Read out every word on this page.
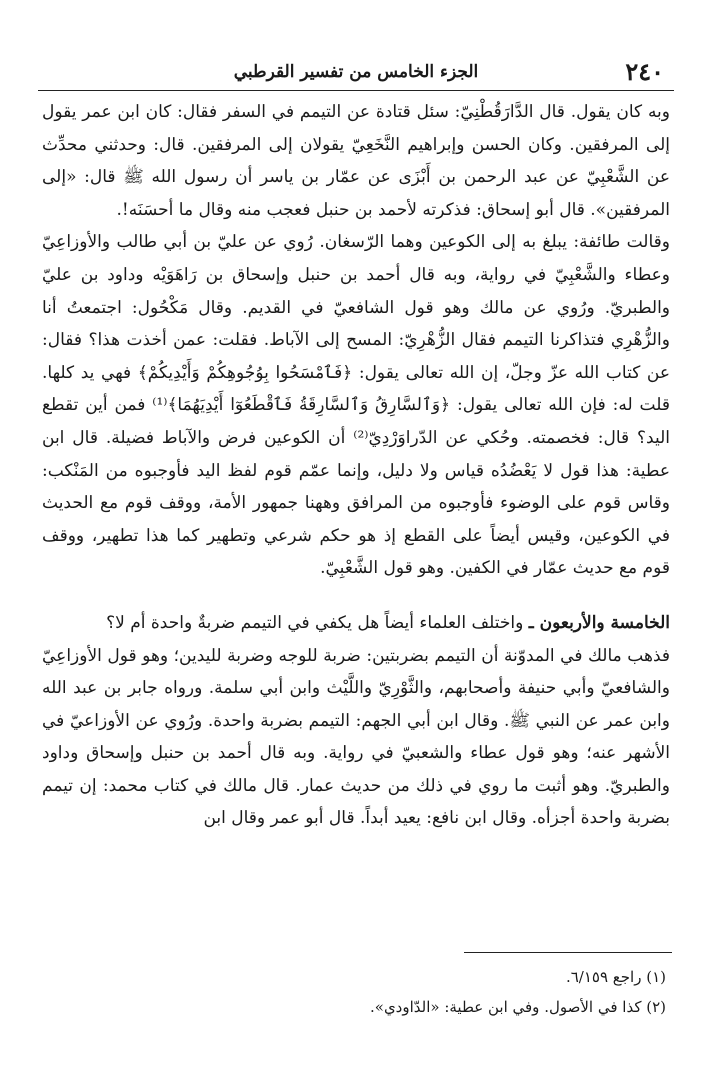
٢٤٠
الجزء الخامس من تفسير القرطبي

وبه كان يقول. قال الدَّارَقُطْنِيّ: سئل قتادة عن التيمم في السفر فقال: كان ابن عمر يقول إلى المرفقين. وكان الحسن وإبراهيم النَّخَعِيّ يقولان إلى المرفقين. قال: وحدثني محدِّث عن الشَّعْبِيّ عن عبد الرحمن بن أَبْزَى عن عمّار بن ياسر أن رسول الله ﷺ قال: «إلى المرفقين». قال أبو إسحاق: فذكرته لأحمد بن حنبل فعجب منه وقال ما أحسَنَه!.

وقالت طائفة: يبلغ به إلى الكوعين وهما الرّسغان. رُوي عن عليّ بن أبي طالب والأوزاعِيّ وعطاء والشَّعْبِيّ في رواية، وبه قال أحمد بن حنبل وإسحاق بن رَاهَوَيْه وداود بن عليّ والطبريّ. ورُوي عن مالك وهو قول الشافعيّ في القديم. وقال مَكْحُول: اجتمعتُ أنا والزُّهْرِي فتذاكرنا التيمم فقال الزُّهْرِيّ: المسح إلى الآباط. فقلت: عمن أخذت هذا؟ فقال: عن كتاب الله عزّ وجلّ، إن الله تعالى يقول: ﴿فَٱمْسَحُوا بِوُجُوهِكُمْ وَأَيْدِيكُمْ﴾ فهي يد كلها. قلت له: فإن الله تعالى يقول: ﴿وَٱلسَّارِقُ وَٱلسَّارِقَةُ فَٱقْطَعُوٓا أَيْدِيَهُمَا﴾⁽¹⁾ فمن أين تقطع اليد؟ قال: فخصمته. وحُكي عن الدّراوَرْدِيّ⁽²⁾ أن الكوعين فرض والآباط فضيلة. قال ابن عطية: هذا قول لا يَعْضُدُه قياس ولا دليل، وإنما عمّم قوم لفظ اليد فأوجبوه من المَنْكب: وقاس قوم على الوضوء فأوجبوه من المرافق وههنا جمهور الأمة، ووقف قوم مع الحديث في الكوعين، وقيس أيضاً على القطع إذ هو حكم شرعي وتطهير كما هذا تطهير، ووقف قوم مع حديث عمّار في الكفين. وهو قول الشَّعْبِيّ.

الخامسة والأربعون ـ واختلف العلماء أيضاً هل يكفي في التيمم ضربةٌ واحدة أم لا؟

فذهب مالك في المدوّنة أن التيمم بضربتين: ضربة للوجه وضربة لليدين؛ وهو قول الأوزاعِيّ والشافعيّ وأبي حنيفة وأصحابهم، والثَّوْرِيّ واللَّيْث وابن أبي سلمة. ورواه جابر بن عبد الله وابن عمر عن النبي ﷺ. وقال ابن أبي الجهم: التيمم بضربة واحدة. ورُوي عن الأوزاعيّ في الأشهر عنه؛ وهو قول عطاء والشعبيّ في رواية. وبه قال أحمد بن حنبل وإسحاق وداود والطبريّ. وهو أثبت ما روي في ذلك من حديث عمار. قال مالك في كتاب محمد: إن تيمم بضربة واحدة أجزأه. وقال ابن نافع: يعيد أبداً. قال أبو عمر وقال ابن

(١) راجع ٦/١٥٩.
(٢) كذا في الأصول. وفي ابن عطية: «الدّاودي».
